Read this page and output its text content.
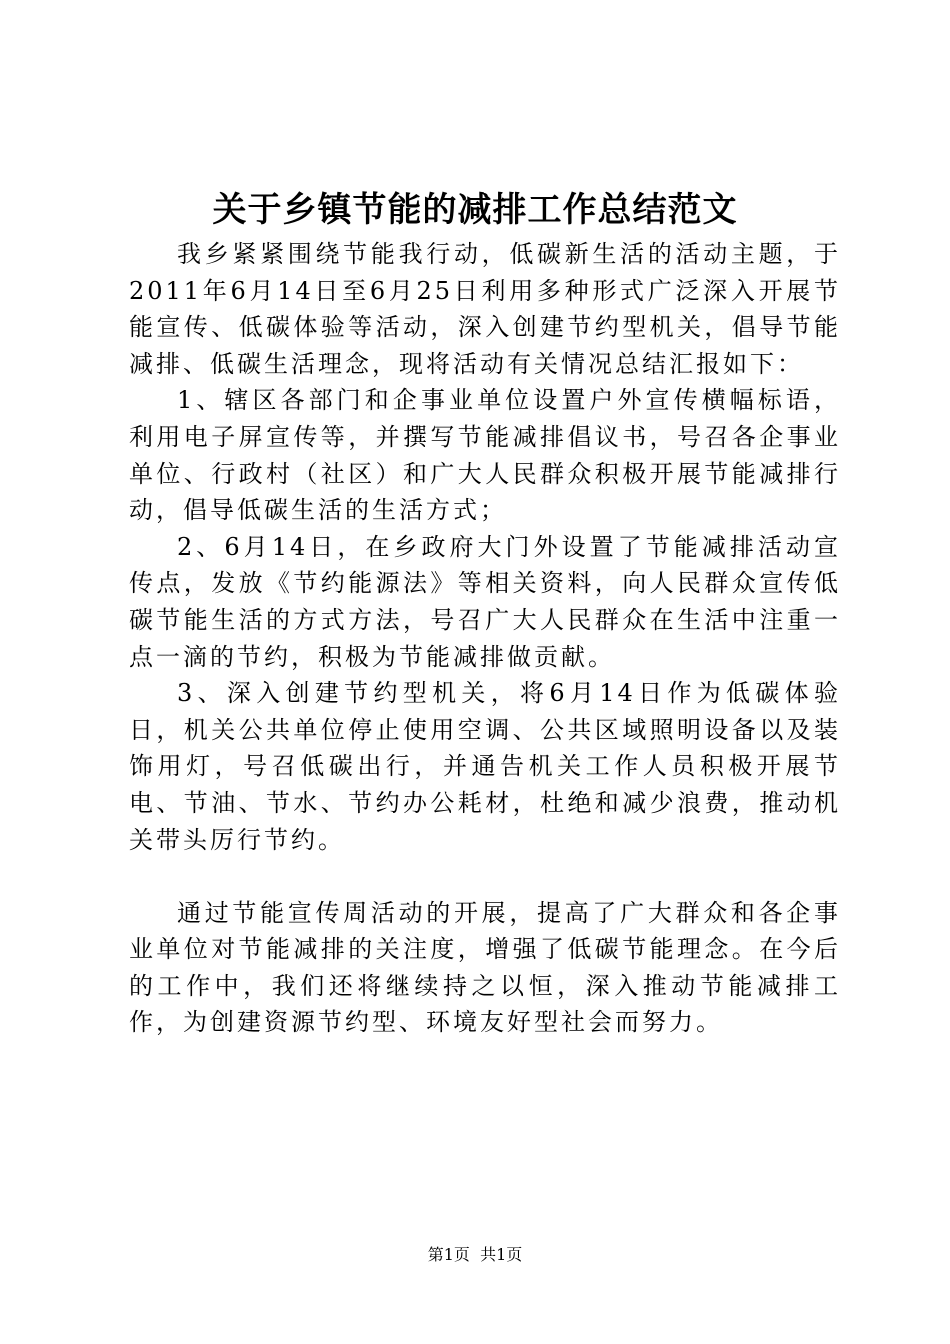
关于乡镇节能的减排工作总结范文

我乡紧紧围绕节能我行动，低碳新生活的活动主题，于2011年6月14日至6月25日利用多种形式广泛深入开展节能宣传、低碳体验等活动，深入创建节约型机关，倡导节能减排、低碳生活理念，现将活动有关情况总结汇报如下：

1、辖区各部门和企事业单位设置户外宣传横幅标语，利用电子屏宣传等，并撰写节能减排倡议书，号召各企事业单位、行政村（社区）和广大人民群众积极开展节能减排行动，倡导低碳生活的生活方式；

2、6月14日，在乡政府大门外设置了节能减排活动宣传点，发放《节约能源法》等相关资料，向人民群众宣传低碳节能生活的方式方法，号召广大人民群众在生活中注重一点一滴的节约，积极为节能减排做贡献。

3、深入创建节约型机关，将6月14日作为低碳体验日，机关公共单位停止使用空调、公共区域照明设备以及装饰用灯，号召低碳出行，并通告机关工作人员积极开展节电、节油、节水、节约办公耗材，杜绝和减少浪费，推动机关带头厉行节约。

通过节能宣传周活动的开展，提高了广大群众和各企事业单位对节能减排的关注度，增强了低碳节能理念。在今后的工作中，我们还将继续持之以恒，深入推动节能减排工作，为创建资源节约型、环境友好型社会而努力。

第1页  共1页
